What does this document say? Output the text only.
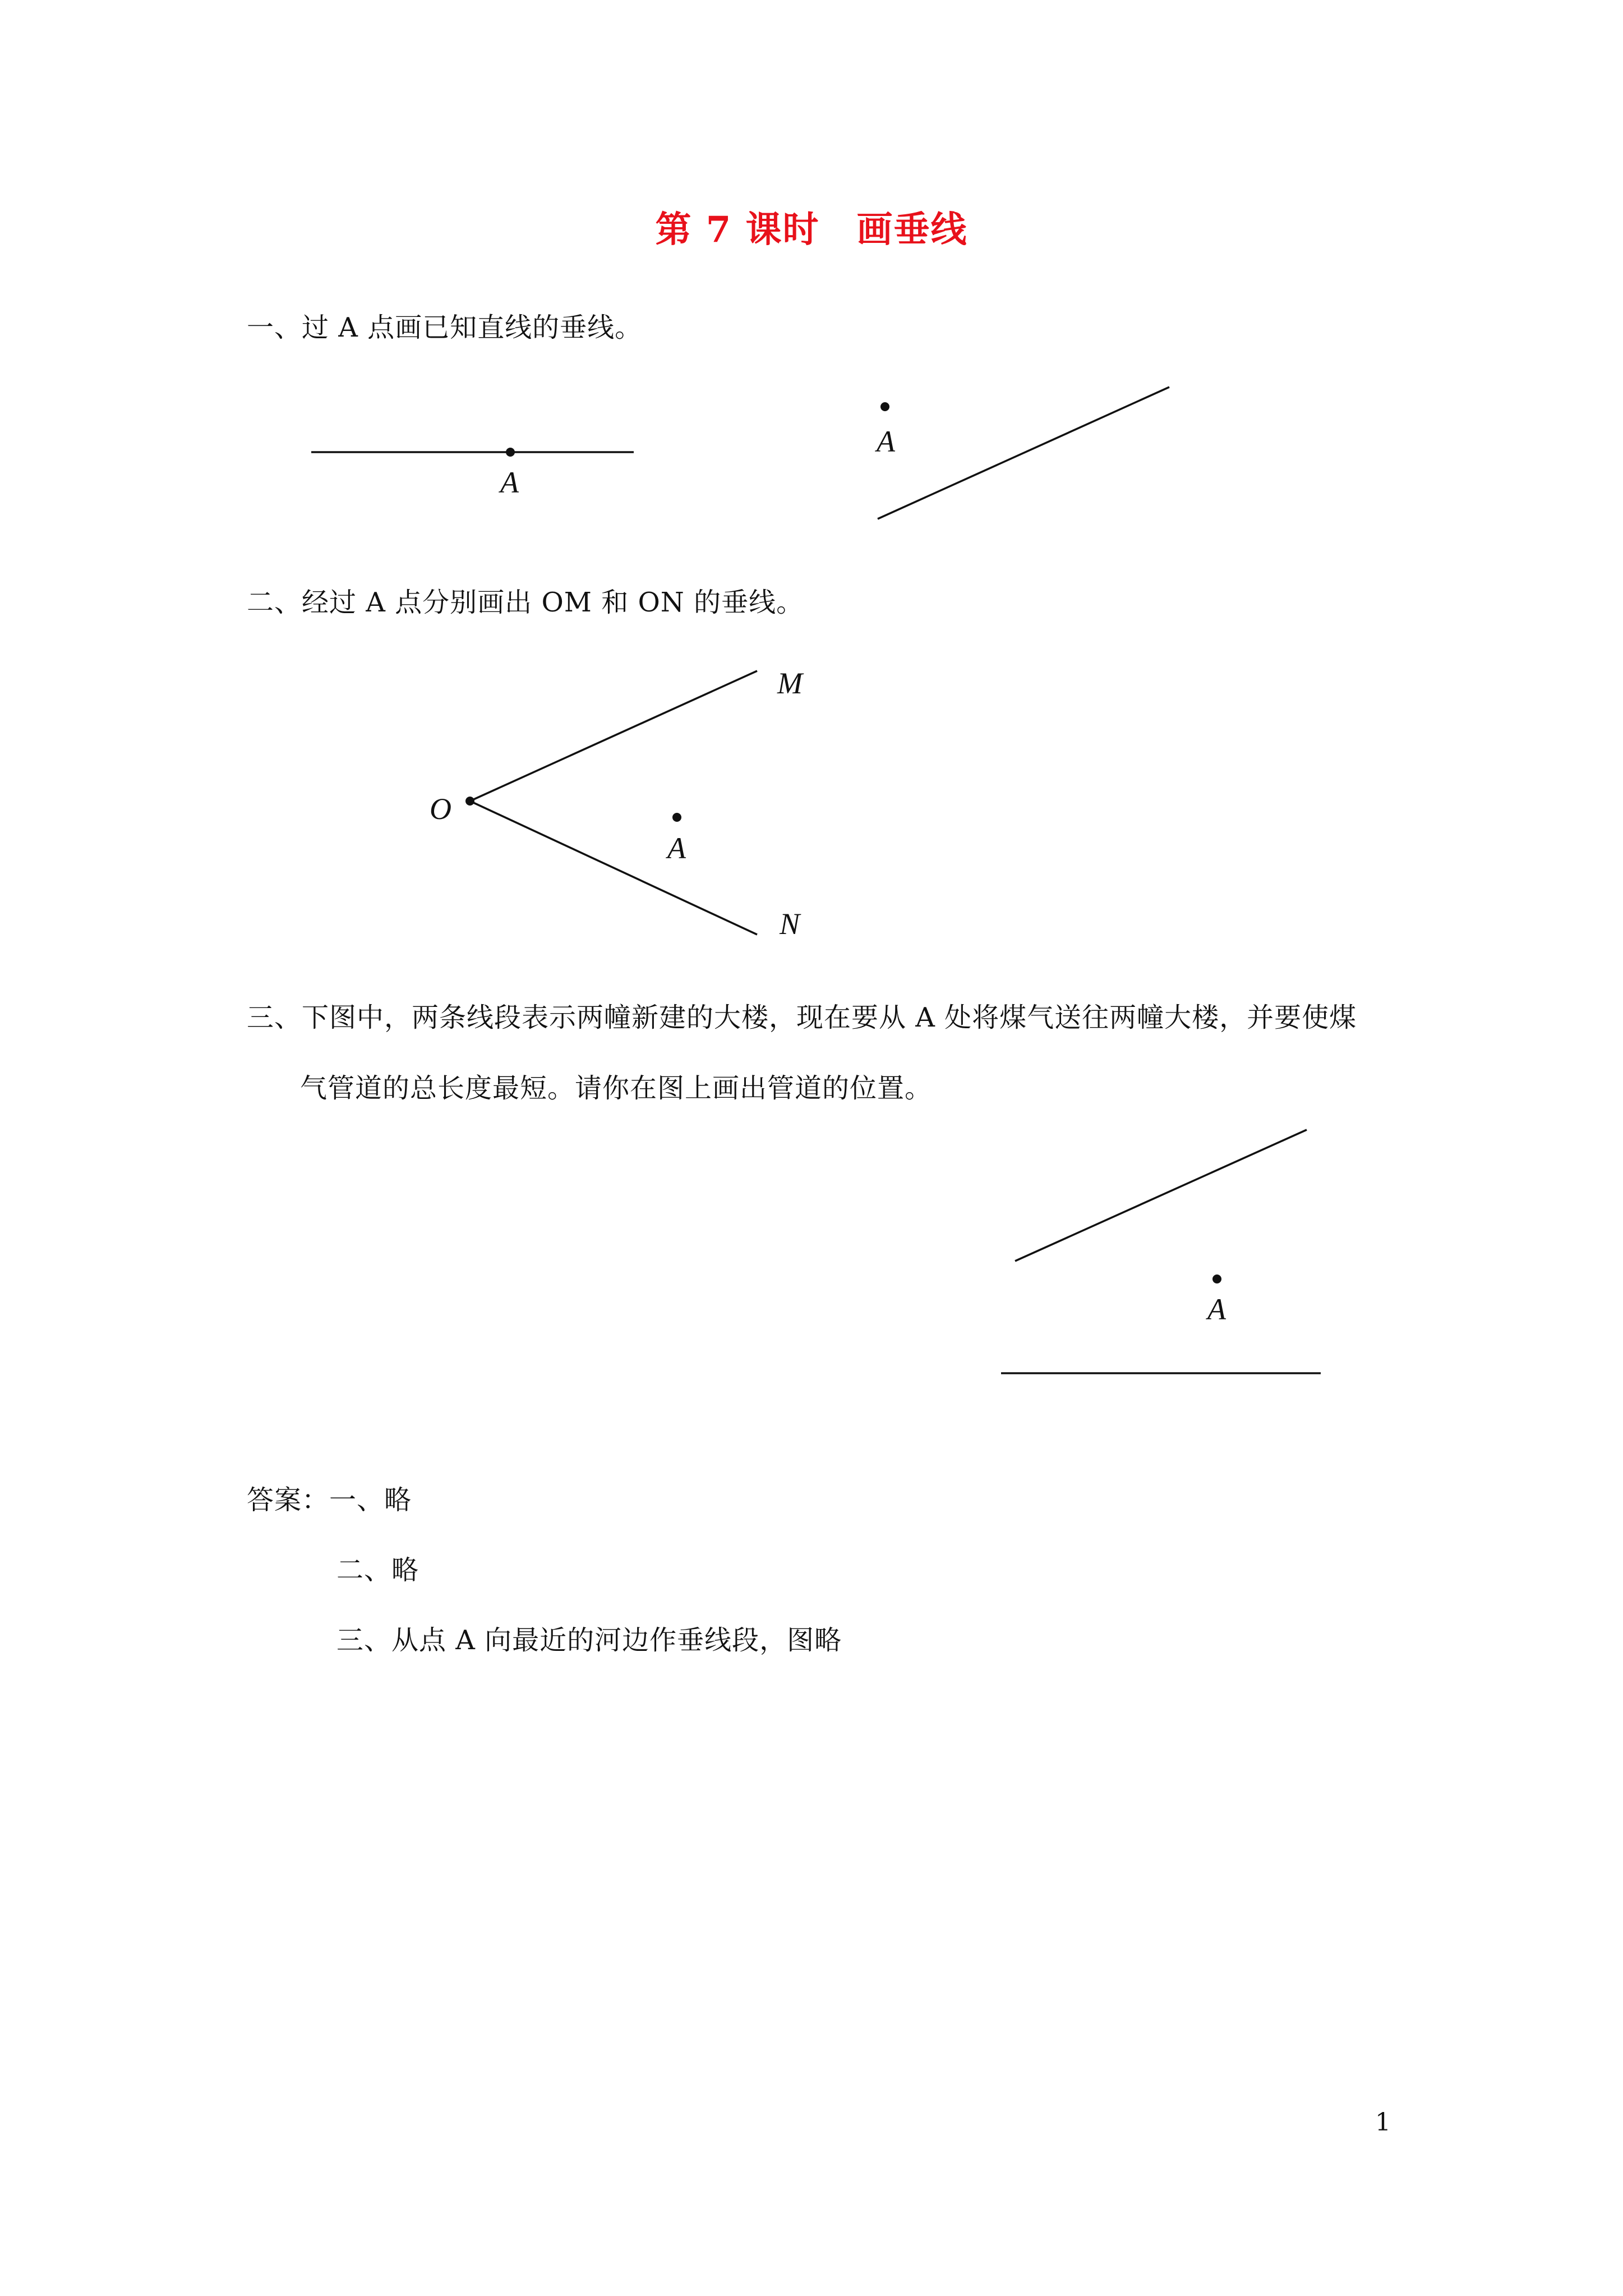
第 7 课时　画垂线
一、过 A 点画已知直线的垂线。
二、经过 A 点分别画出 OM 和 ON 的垂线。
三、下图中，两条线段表示两幢新建的大楼，现在要从 A 处将煤气送往两幢大楼，并要使煤
气管道的总长度最短。请你在图上画出管道的位置。
A
A
O
M
N
A
A
答案：一、略
二、略
三、从点 A 向最近的河边作垂线段，图略
1
